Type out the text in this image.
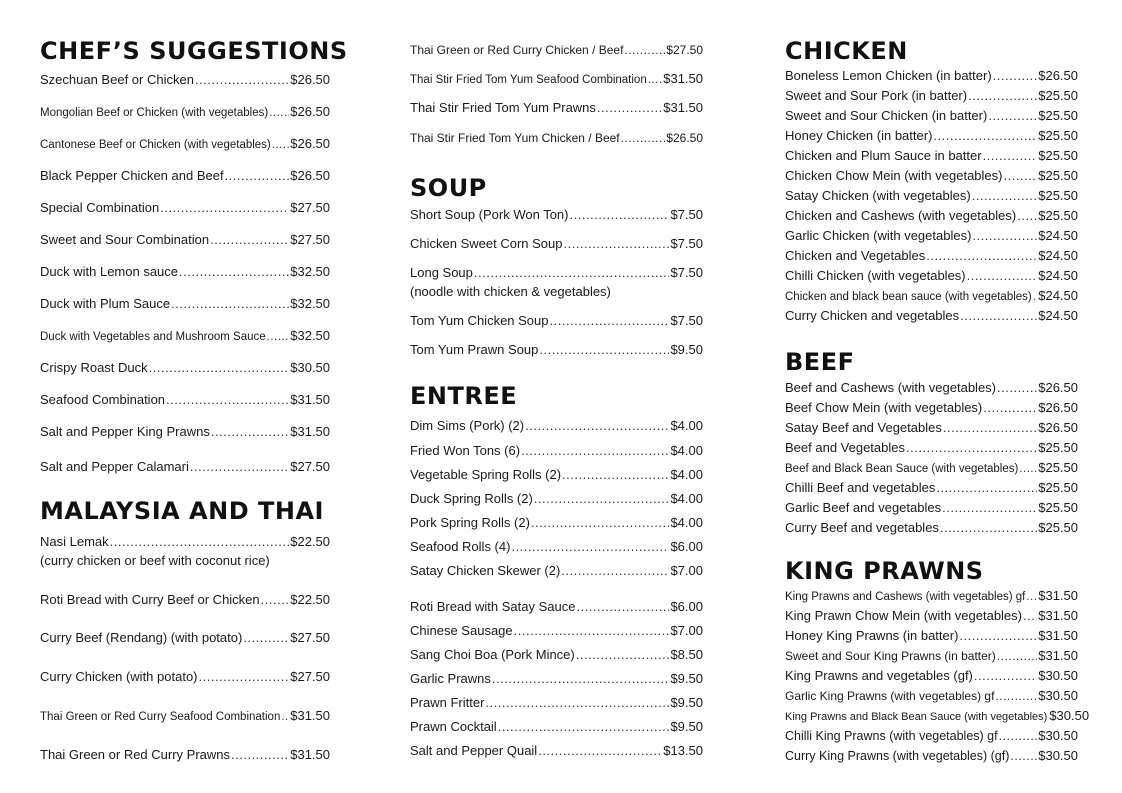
CHEF’S SUGGESTIONS
Szechuan Beef or Chicken .....	$26.50
Mongolian Beef or Chicken (with vegetables) ..... $26.50
Cantonese Beef or Chicken (with vegetables) ..... $26.50
Black Pepper Chicken and Beef .....	$26.50
Special Combination .....	$27.50
Sweet and Sour Combination .....	$27.50
Duck with Lemon sauce .....	$32.50
Duck with Plum Sauce .....	$32.50
Duck with Vegetables and Mushroom Sauce ..... $32.50
Crispy Roast Duck .....	$30.50
Seafood Combination .....	$31.50
Salt and Pepper King Prawns .....	$31.50
Salt and Pepper Calamari .....	$27.50
MALAYSIA AND THAI
Nasi Lemak .....	$22.50
(curry chicken or beef with coconut rice)
Roti Bread with Curry Beef or Chicken ..... $22.50
Curry Beef (Rendang) (with potato) .....	$27.50
Curry Chicken (with potato) .....	$27.50
Thai Green or Red Curry Seafood Combination ..... $31.50
Thai Green or Red Curry Prawns .....	$31.50
Thai Green or Red Curry Chicken / Beef .....	$27.50
Thai Stir Fried Tom Yum Seafood Combination ..... $31.50
Thai Stir Fried Tom Yum Prawns .....	$31.50
Thai Stir Fried Tom Yum Chicken / Beef .....	$26.50
SOUP
Short Soup (Pork Won Ton) .....	$7.50
Chicken Sweet Corn Soup .....	$7.50
Long Soup .....	$7.50
(noodle with chicken & vegetables)
Tom Yum Chicken Soup .....	$7.50
Tom Yum Prawn Soup .....	$9.50
ENTREE
Dim Sims (Pork) (2) .....	$4.00
Fried Won Tons (6) .....	$4.00
Vegetable Spring Rolls (2) .....	$4.00
Duck Spring Rolls (2) .....	$4.00
Pork Spring Rolls (2) .....	$4.00
Seafood Rolls (4) .....	$6.00
Satay Chicken Skewer (2) .....	$7.00
Roti Bread with Satay Sauce .....	$6.00
Chinese Sausage .....	$7.00
Sang Choi Boa (Pork Mince) .....	$8.50
Garlic Prawns .....	$9.50
Prawn Fritter .....	$9.50
Prawn Cocktail .....	$9.50
Salt and Pepper Quail .....	$13.50
CHICKEN
Boneless Lemon Chicken (in batter) .....	$26.50
Sweet and Sour Pork (in batter) .....	$25.50
Sweet and Sour Chicken (in batter) .....	$25.50
Honey Chicken (in batter) .....	$25.50
Chicken and Plum Sauce in batter .....	$25.50
Chicken Chow Mein (with vegetables) .....	$25.50
Satay Chicken (with vegetables) .....	$25.50
Chicken and Cashews (with vegetables) ..... $25.50
Garlic Chicken (with vegetables) .....	$24.50
Chicken and Vegetables .....	$24.50
Chilli Chicken (with vegetables) .....	$24.50
Chicken and black bean sauce (with vegetables) ..... $24.50
Curry Chicken and vegetables .....	$24.50
BEEF
Beef and Cashews (with vegetables) .....	$26.50
Beef Chow Mein (with vegetables) .....	$26.50
Satay Beef and Vegetables .....	$26.50
Beef and Vegetables .....	$25.50
Beef and Black Bean Sauce (with vegetables) ..... $25.50
Chilli Beef and vegetables .....	$25.50
Garlic Beef and vegetables .....	$25.50
Curry Beef and vegetables .....	$25.50
KING PRAWNS
King Prawns and Cashews (with vegetables) gf ..... $31.50
King Prawn Chow Mein (with vegetables) ..... $31.50
Honey King Prawns (in batter) .....	$31.50
Sweet and Sour King Prawns (in batter) .....	$31.50
King Prawns and vegetables (gf) .....	$30.50
Garlic King Prawns (with vegetables) gf .....	$30.50
King Prawns and Black Bean Sauce (with vegetables) $30.50
Chilli King Prawns (with vegetables) gf .....	$30.50
Curry King Prawns (with vegetables) (gf) ..... $30.50
